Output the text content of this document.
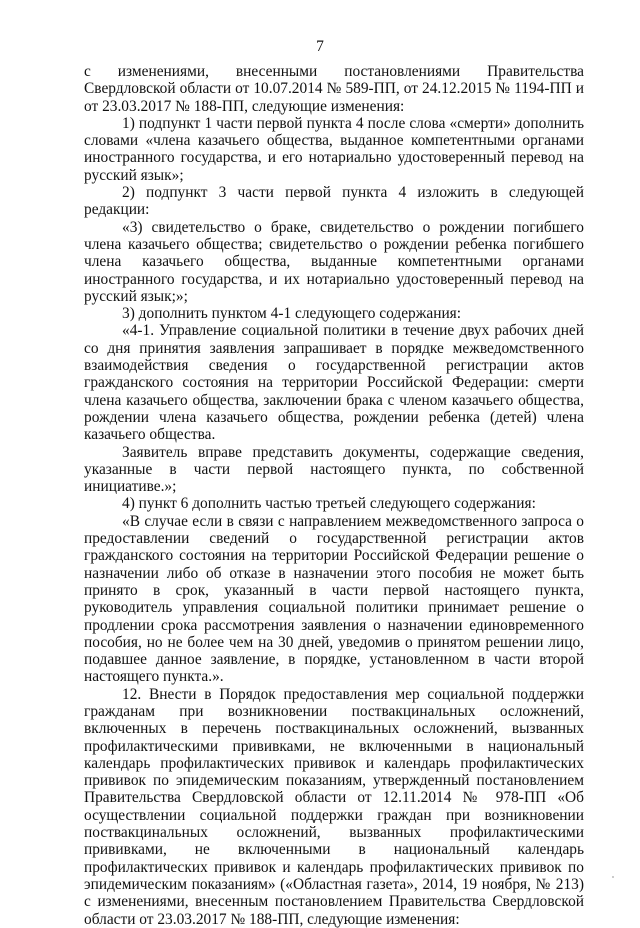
7

с изменениями, внесенными постановлениями Правительства Свердловской области от 10.07.2014 № 589-ПП, от 24.12.2015 № 1194-ПП и от 23.03.2017 № 188-ПП, следующие изменения:

1) подпункт 1 части первой пункта 4 после слова «смерти» дополнить словами «члена казачьего общества, выданное компетентными органами иностранного государства, и его нотариально удостоверенный перевод на русский язык»;

2) подпункт 3 части первой пункта 4 изложить в следующей редакции:

«3) свидетельство о браке, свидетельство о рождении погибшего члена казачьего общества; свидетельство о рождении ребенка погибшего члена казачьего общества, выданные компетентными органами иностранного государства, и их нотариально удостоверенный перевод на русский язык;»;

3) дополнить пунктом 4-1 следующего содержания:

«4-1. Управление социальной политики в течение двух рабочих дней со дня принятия заявления запрашивает в порядке межведомственного взаимодействия сведения о государственной регистрации актов гражданского состояния на территории Российской Федерации: смерти члена казачьего общества, заключении брака с членом казачьего общества, рождении члена казачьего общества, рождении ребенка (детей) члена казачьего общества.

Заявитель вправе представить документы, содержащие сведения, указанные в части первой настоящего пункта, по собственной инициативе.»;

4) пункт 6 дополнить частью третьей следующего содержания:

«В случае если в связи с направлением межведомственного запроса о предоставлении сведений о государственной регистрации актов гражданского состояния на территории Российской Федерации решение о назначении либо об отказе в назначении этого пособия не может быть принято в срок, указанный в части первой настоящего пункта, руководитель управления социальной политики принимает решение о продлении срока рассмотрения заявления о назначении единовременного пособия, но не более чем на 30 дней, уведомив о принятом решении лицо, подавшее данное заявление, в порядке, установленном в части второй настоящего пункта.».

12. Внести в Порядок предоставления мер социальной поддержки гражданам при возникновении поствакцинальных осложнений, включенных в перечень поствакцинальных осложнений, вызванных профилактическими прививками, не включенными в национальный календарь профилактических прививок и календарь профилактических прививок по эпидемическим показаниям, утвержденный постановлением Правительства Свердловской области от 12.11.2014 № 978-ПП «Об осуществлении социальной поддержки граждан при возникновении поствакцинальных осложнений, вызванных профилактическими прививками, не включенными в национальный календарь профилактических прививок и календарь профилактических прививок по эпидемическим показаниям» («Областная газета», 2014, 19 ноября, № 213) с изменениями, внесенным постановлением Правительства Свердловской области от 23.03.2017 № 188-ПП, следующие изменения:
